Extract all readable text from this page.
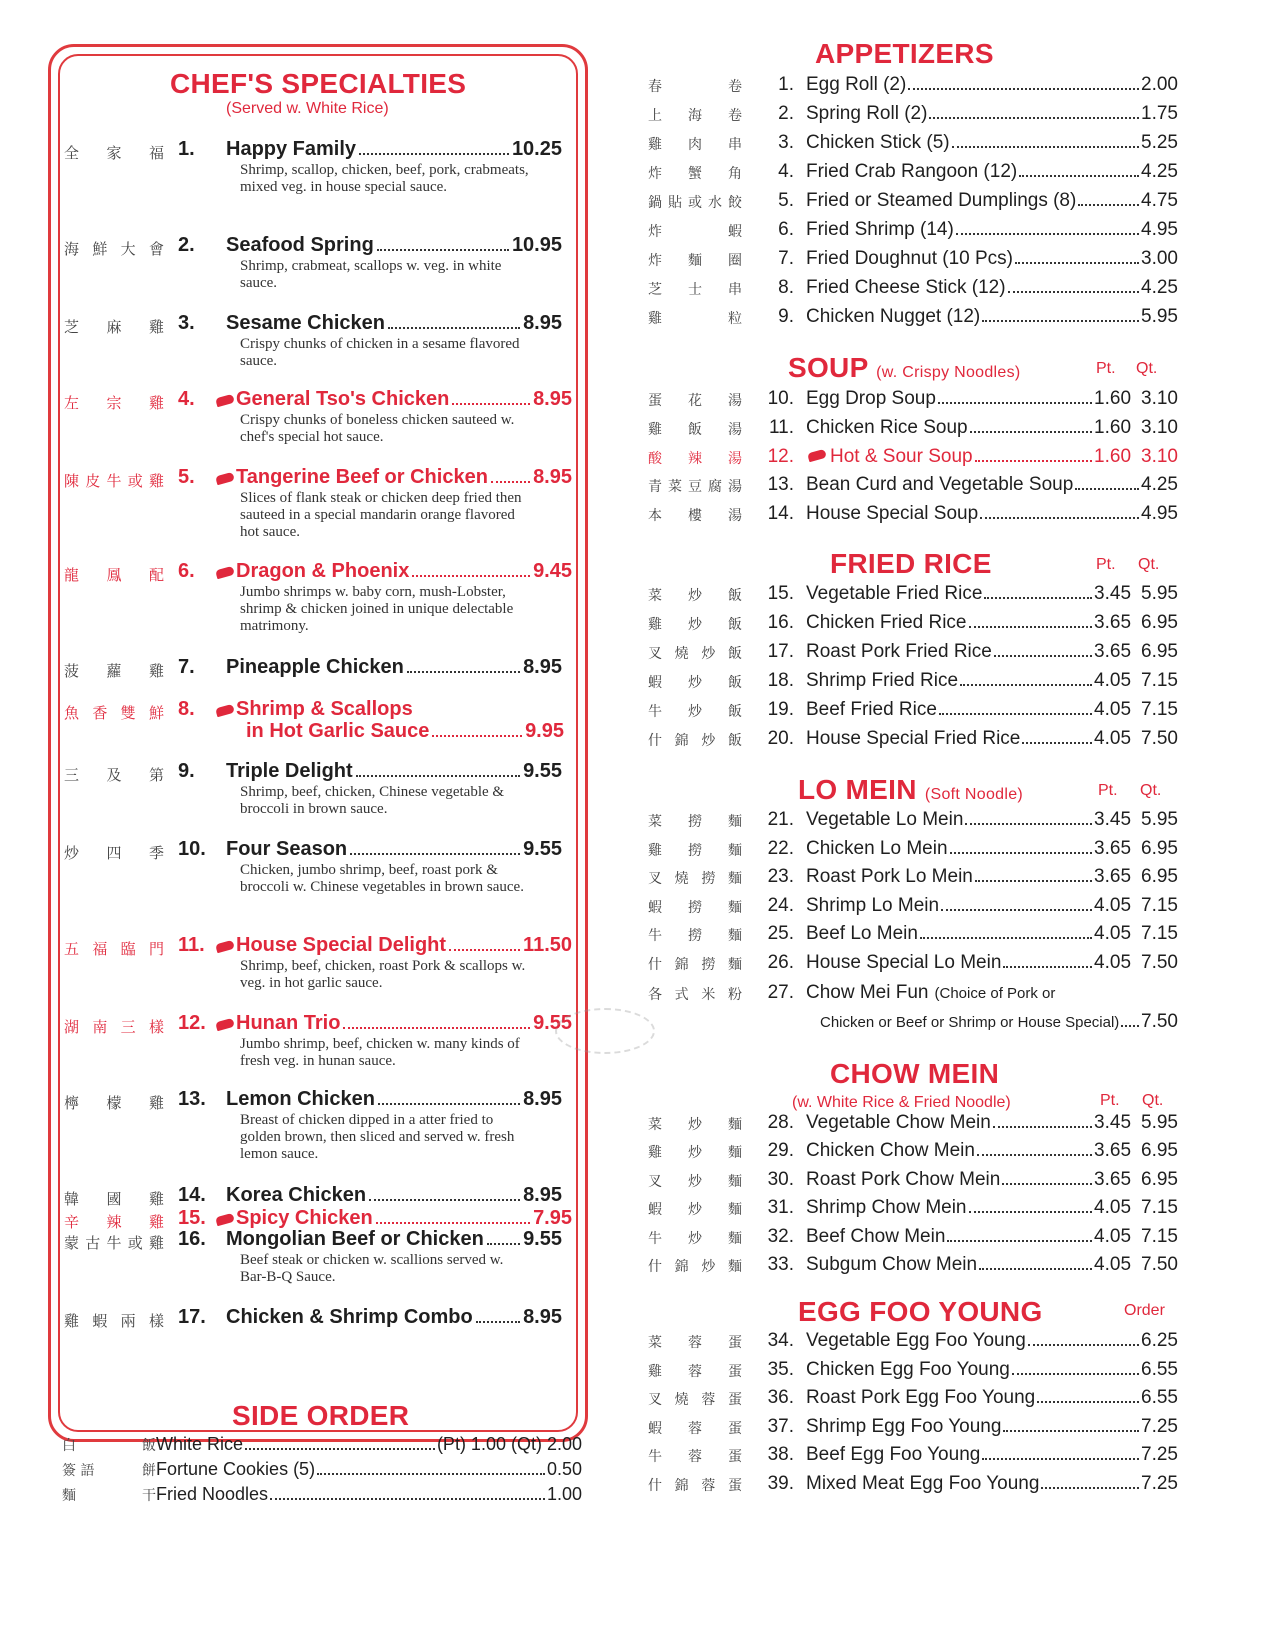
CHEF'S SPECIALTIES
(Served w. White Rice)
全 家 福 1. Happy Family	10.25
Shrimp, scallop, chicken, beef, pork, crabmeats, mixed veg. in house special sauce.
海 鮮 大 會 2. Seafood Spring	10.95
Shrimp, crabmeat, scallops w. veg. in white sauce.
芝 麻 雞 3. Sesame Chicken	8.95
Crispy chunks of chicken in a sesame flavored sauce.
左 宗 雞 4. General Tso's Chicken	8.95
Crispy chunks of boneless chicken sauteed w. chef's special hot sauce.
陳 皮 牛 或 雞 5. Tangerine Beef or Chicken 8.95
Slices of flank steak or chicken deep fried then sauteed in a special mandarin orange flavored hot sauce.
龍 鳳 配 6. Dragon & Phoenix	9.45
Jumbo shrimps w. baby corn, mush-Lobster, shrimp & chicken joined in unique delectable matrimony.
菠 蘿 雞 7. Pineapple Chicken	8.95
魚 香 雙 鮮 8. Shrimp & Scallops
in Hot Garlic Sauce	9.95
三 及 第 9. Triple Delight	9.55
Shrimp, beef, chicken, Chinese vegetable & broccoli in brown sauce.
炒 四 季 10. Four Season	9.55
Chicken, jumbo shrimp, beef, roast pork & broccoli w. Chinese vegetables in brown sauce.
五 福 臨 門 11. House Special Delight	11.50
Shrimp, beef, chicken, roast Pork & scallops w. veg. in hot garlic sauce.
湖 南 三 樣 12. Hunan Trio	9.55
Jumbo shrimp, beef, chicken w. many kinds of fresh veg. in hunan sauce.
檸 檬 雞 13. Lemon Chicken	8.95
Breast of chicken dipped in a atter fried to golden brown, then sliced and served w. fresh lemon sauce.
韓 國 雞 14. Korea Chicken	8.95
辛 辣 雞 15. Spicy Chicken	7.95
蒙 古 牛 或 雞 16. Mongolian Beef or Chicken 9.55
Beef steak or chicken w. scallions served w. Bar-B-Q Sauce.
雞 蝦 兩 樣 17. Chicken & Shrimp Combo	8.95
SIDE ORDER
白	飯 White Rice	(Pt) 1.00 (Qt) 2.00
簽 語	餅 Fortune Cookies (5)	0.50
麵	干 Fried Noodles	1.00
APPETIZERS
春	卷	1. Egg Roll (2)	2.00
上 海 卷	2. Spring Roll (2)	1.75
雞 肉 串	3. Chicken Stick (5)	5.25
炸 蟹 角	4. Fried Crab Rangoon (12)	4.25
鍋 貼 或 水 餃	5. Fried or Steamed Dumplings (8)	4.75
炸	蝦	6. Fried Shrimp (14)	4.95
炸 麵 圈	7. Fried Doughnut (10 Pcs)	3.00
芝 士 串	8. Fried Cheese Stick (12)	4.25
雞	粒	9. Chicken Nugget (12)	5.95
SOUP (w. Crispy Noodles)	Pt. Qt.
蛋 花 湯	10. Egg Drop Soup	1.60 3.10
雞 飯 湯	11. Chicken Rice Soup	1.60 3.10
酸 辣 湯	12. Hot & Sour Soup	1.60 3.10
青 菜 豆 腐 湯	13. Bean Curd and Vegetable Soup	4.25
本 樓 湯	14. House Special Soup	4.95
FRIED RICE	Pt. Qt.
菜 炒 飯	15. Vegetable Fried Rice	3.45 5.95
雞 炒 飯	16. Chicken Fried Rice	3.65 6.95
叉 燒 炒 飯	17. Roast Pork Fried Rice	3.65 6.95
蝦 炒 飯	18. Shrimp Fried Rice	4.05 7.15
牛 炒 飯	19. Beef Fried Rice	4.05 7.15
什 錦 炒 飯	20. House Special Fried Rice	4.05 7.50
LO MEIN (Soft Noodle)	Pt. Qt.
菜 撈 麵	21. Vegetable Lo Mein	3.45 5.95
雞 撈 麵	22. Chicken Lo Mein	3.65 6.95
叉 燒 撈 麵	23. Roast Pork Lo Mein	3.65 6.95
蝦 撈 麵	24. Shrimp Lo Mein	4.05 7.15
牛 撈 麵	25. Beef Lo Mein	4.05 7.15
什 錦 撈 麵	26. House Special Lo Mein	4.05 7.50
各 式 米 粉	27. Chow Mei Fun (Choice of Pork or
Chicken or Beef or Shrimp or House Special) 7.50
CHOW MEIN
(w. White Rice & Fried Noodle)	Pt. Qt.
菜 炒 麵	28. Vegetable Chow Mein	3.45 5.95
雞 炒 麵	29. Chicken Chow Mein	3.65 6.95
叉 炒 麵	30. Roast Pork Chow Mein	3.65 6.95
蝦 炒 麵	31. Shrimp Chow Mein	4.05 7.15
牛 炒 麵	32. Beef Chow Mein	4.05 7.15
什 錦 炒 麵	33. Subgum Chow Mein	4.05 7.50
EGG FOO YOUNG	Order
菜 蓉 蛋	34. Vegetable Egg Foo Young	6.25
雞 蓉 蛋	35. Chicken Egg Foo Young	6.55
叉 燒 蓉 蛋	36. Roast Pork Egg Foo Young	6.55
蝦 蓉 蛋	37. Shrimp Egg Foo Young	7.25
牛 蓉 蛋	38. Beef Egg Foo Young	7.25
什 錦 蓉 蛋	39. Mixed Meat Egg Foo Young	7.25
